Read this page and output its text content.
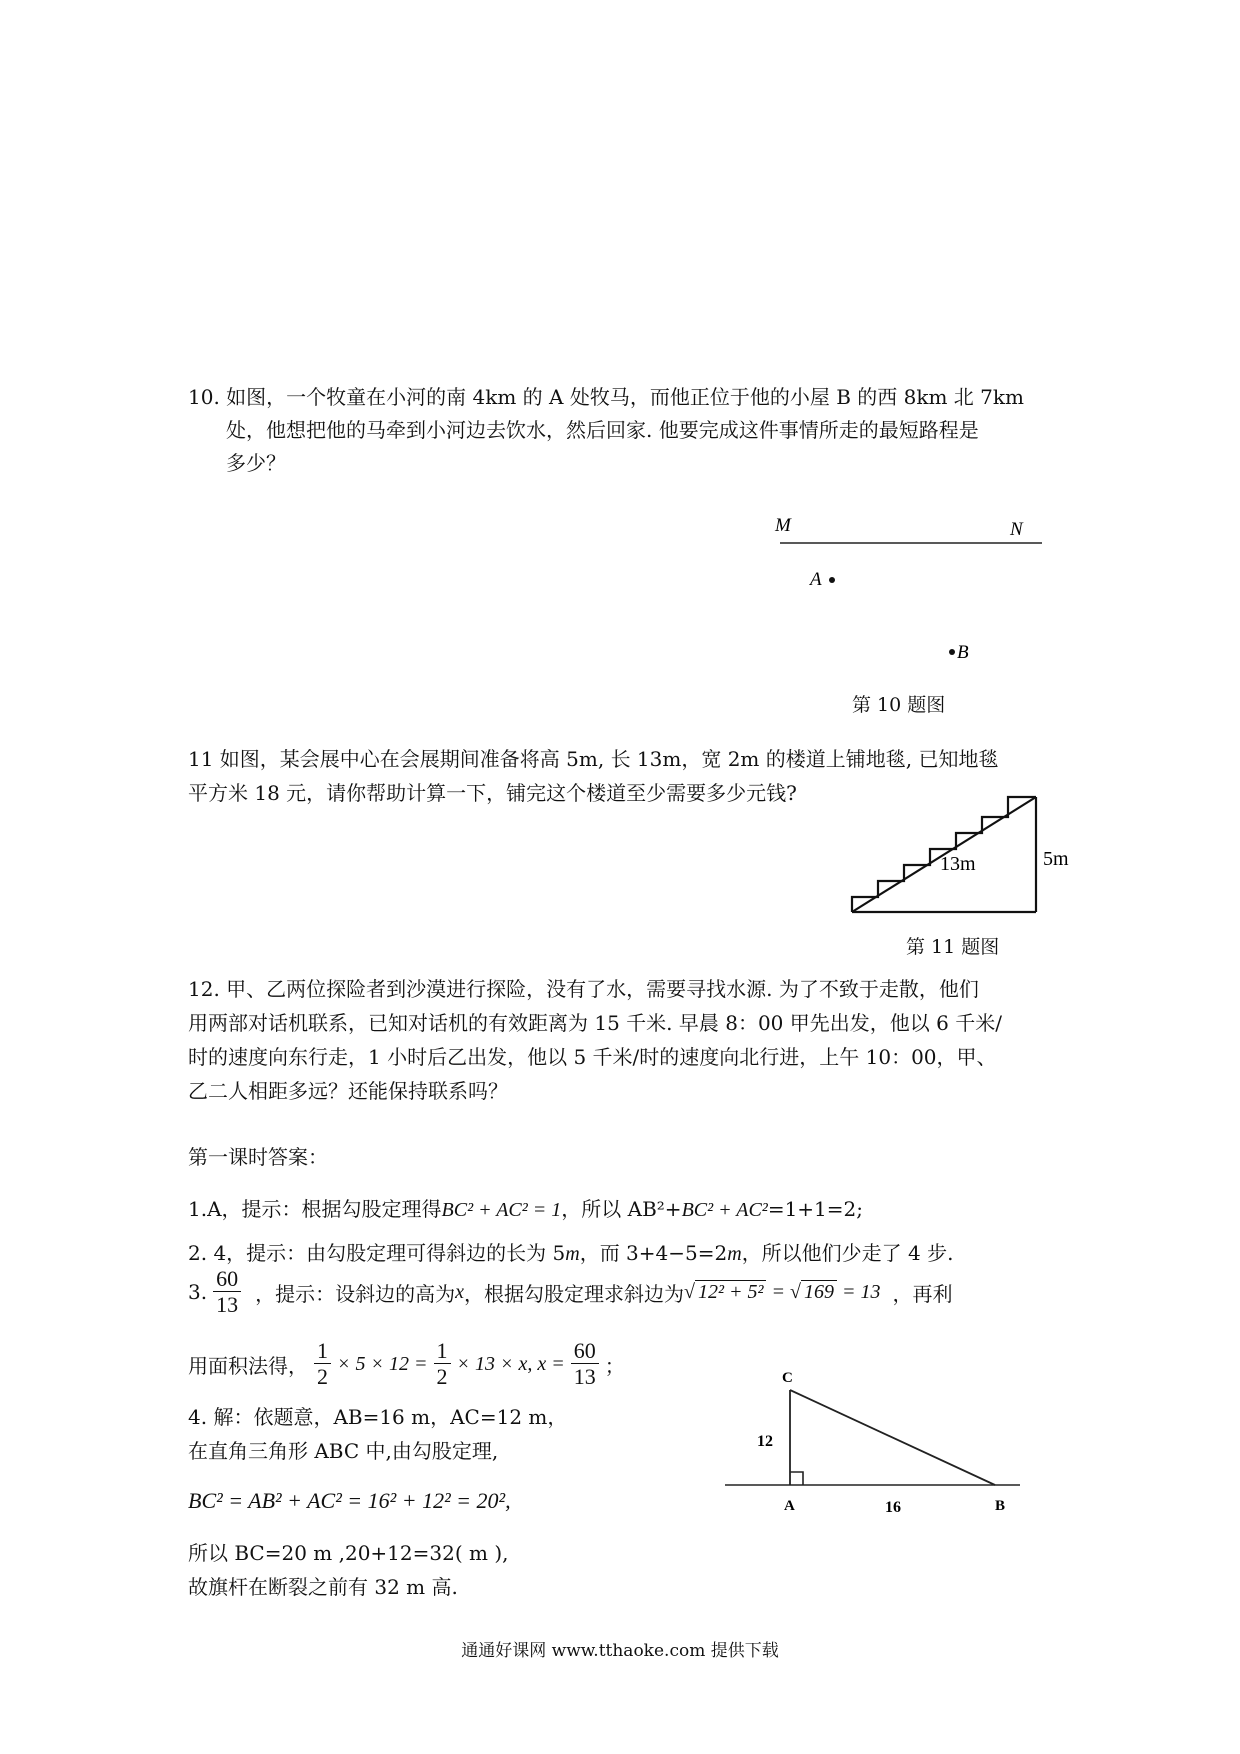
10. 如图，一个牧童在小河的南 4km 的 A 处牧马，而他正位于他的小屋 B 的西 8km 北 7km
处，他想把他的马牵到小河边去饮水，然后回家. 他要完成这件事情所走的最短路程是
多少？
M	N
A
B
第 10 题图
11 如图，某会展中心在会展期间准备将高 5m, 长 13m，宽 2m 的楼道上铺地毯, 已知地毯
平方米 18 元，请你帮助计算一下，铺完这个楼道至少需要多少元钱?
13m	5m
第 11 题图
12. 甲、乙两位探险者到沙漠进行探险，没有了水，需要寻找水源. 为了不致于走散，他们
用两部对话机联系，已知对话机的有效距离为 15 千米. 早晨 8：00 甲先出发，他以 6 千米/
时的速度向东行走，1 小时后乙出发，他以 5 千米/时的速度向北行进，上午 10：00，甲、
乙二人相距多远？还能保持联系吗？
第一课时答案：
1.A，提示：根据勾股定理得BC² + AC² = 1，所以 AB²+BC² + AC²=1+1=2;
2. 4，提示：由勾股定理可得斜边的长为 5m，而 3+4−5=2m，所以他们少走了 4 步.
3. $\frac{60}{13}$ ，提示：设斜边的高为 x ，根据勾股定理求斜边为 √ 12² + 5² = √ 169 = 13 ，再利
用面积法得， $\frac{1}{2} \times 5 \times 12 = \frac{1}{2} \times 13 \times x$, $x = \frac{60}{13}$ ；
4. 解：依题意，AB=16 m，AC=12 m，
在直角三角形 ABC 中,由勾股定理,
BC² = AB² + AC² = 16² + 12² = 20²,
所以 BC=20 m ,20+12=32( m ),
故旗杆在断裂之前有 32 m 高.
C
12
A	16	B
通通好课网 www.tthaoke.com 提供下载
